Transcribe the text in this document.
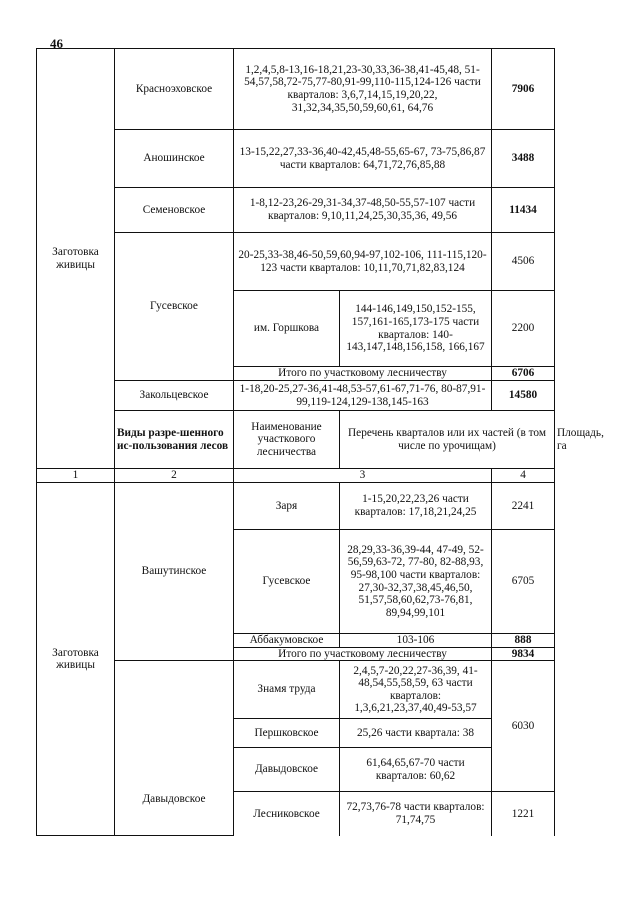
46
Заготовка живицы	Красноэховское	1,2,4,5,8-13,16-18,21,23-30,33,36-38,41-45,48, 51-54,57,58,72-75,77-80,91-99,110-115,124-126 части кварталов: 3,6,7,14,15,19,20,22, 31,32,34,35,50,59,60,61, 64,76		7906	
	Аношинское	13-15,22,27,33-36,40-42,45,48-55,65-67, 73-75,86,87 части кварталов: 64,71,72,76,85,88		3488	
	Семеновское	1-8,12-23,26-29,31-34,37-48,50-55,57-107 части кварталов: 9,10,11,24,25,30,35,36, 49,56		11434	
	Гусевское	20-25,33-38,46-50,59,60,94-97,102-106, 111-115,120-123 части кварталов: 10,11,70,71,82,83,124		4506	
		им. Горшкова	144-146,149,150,152-155, 157,161-165,173-175 части кварталов: 140-143,147,148,156,158, 166,167	2200	
		Итого по участковому лесничеству		6706	
	Закольцевское	1-18,20-25,27-36,41-48,53-57,61-67,71-76, 80-87,91-99,119-124,129-138,145-163		14580	
	Виды разре-шенного ис-пользования лесов	Наименование участкового лесничества	Перечень кварталов или их частей (в том числе по урочищам)		Площадь, га
1	2	3		4	
Заготовка живицы	Вашутинское	Заря	1-15,20,22,23,26 части кварталов: 17,18,21,24,25	2241	
		Гусевское	28,29,33-36,39-44, 47-49, 52-56,59,63-72, 77-80, 82-88,93, 95-98,100 части кварталов: 27,30-32,37,38,45,46,50, 51,57,58,60,62,73-76,81, 89,94,99,101	6705	
		Аббакумовское	103-106	888	
		Итого по участковому лесничеству		9834	
	Давыдовское	Знамя труда	2,4,5,7-20,22,27-36,39, 41-48,54,55,58,59, 63 части кварталов: 1,3,6,21,23,37,40,49-53,57	6030	
		Першковское	25,26 части квартала: 38		
		Давыдовское	61,64,65,67-70 части кварталов: 60,62		
		Лесниковское	72,73,76-78 части кварталов: 71,74,75	1221	
